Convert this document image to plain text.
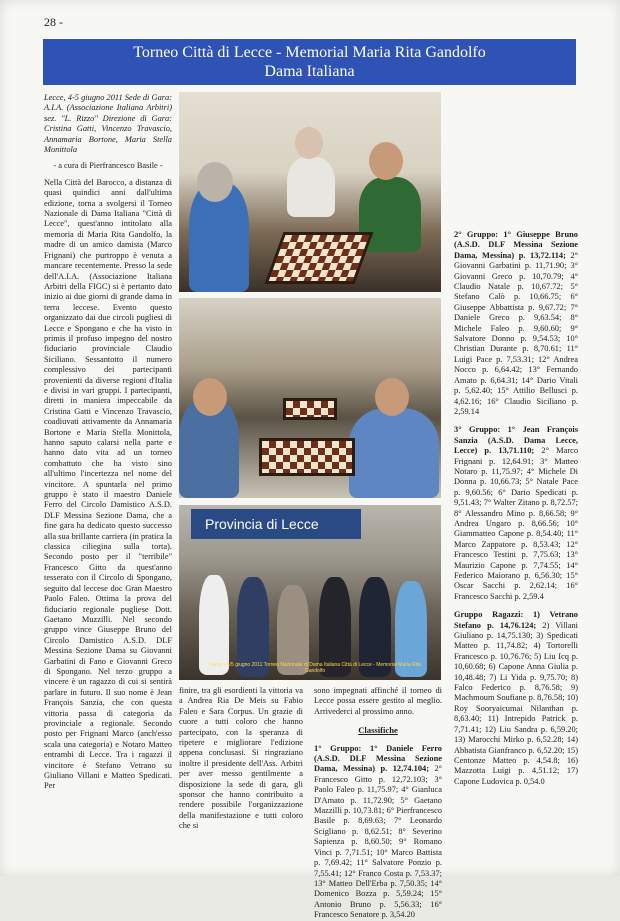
28 -
Torneo Città di Lecce - Memorial Maria Rita Gandolfo
Dama Italiana

Lecce, 4-5 giugno 2011 Sede di Gara: A.I.A. (Associazione Italiana Arbitri) sez. "L. Rizzo" Direzione di Gara: Cristina Gatti, Vincenzo Travascio, Annamaria Bortone, Maria Stella Monittola

- a cura di Pierfrancesco Basile -

Nella Città del Barocco, a distanza di quasi quindici anni dall'ultima edizione, torna a svolgersi il Torneo Nazionale di Dama Italiana "Città di Lecce", quest'anno intitolato alla memoria di Maria Rita Gandolfo, la madre di un amico damista (Marco Frignani) che purtroppo è venuta a mancare recentemente. Presso la sede dell'A.I.A. (Associazione Italiana Arbitri della FIGC) si è pertanto dato inizio ai due giorni di grande dama in terra leccese. Evento questo organizzato dai due circoli pugliesi di Lecce e Spongano e che ha visto in primis il profuso impegno del nostro fiduciario provinciale Claudio Siciliano. Sessantotto il numero complessivo dei partecipanti provenienti da diverse regioni d'Italia e divisi in vari gruppi. I partecipanti, diretti in maniera impeccabile da Cristina Gatti e Vincenzo Travascio, coadiuvati attivamente da Annamaria Bortone e Maria Stella Monittola, hanno saputo calarsi nella parte e hanno dato vita ad un torneo combattuto che ha visto sino all'ultimo l'incertezza nel nome del vincitore. A spuntarla nel primo gruppo è stato il maestro Daniele Ferro del Circolo Damistico A.S.D. DLF Messina Sezione Dama, che a fine gara ha dedicato questo successo alla sua brillante carriera (in pratica la classica ciliegina sulla torta). Secondo posto per il "terribile" Francesco Gitto da quest'anno tesserato con il Circolo di Spongano, seguito dal leccese doc Gran Maestro Paolo Faleo. Ottima la prova del fiduciario regionale pugliese Dott. Gaetano Muzzilli. Nel secondo gruppo vince Giuseppe Bruno del Circolo Damistico A.S.D. DLF Messina Sezione Dama su Giovanni Garbatini di Fano e Giovanni Greco di Spongano. Nel terzo gruppo a vincere è un ragazzo di cui si sentirà parlare in futuro. Il suo nome è Jean François Sanzia, che con questa vittoria passa di categoria da provinciale a regionale. Secondo posto per Frignani Marco (anch'esso scala una categoria) e Notaro Matteo entrambi di Lecce. Tra i ragazzi il vincitore è Stefano Vetrano su Giuliano Villani e Matteo Spedicati. Per

Provincia di Lecce
Lecce - 4/5 giugno 2011 Torneo Nazionale di Dama Italiana Città di Lecce - Memorial Maria Rita Gandolfo

finire, tra gli esordienti la vittoria va a Andrea Ria De Meis su Fabio Faleo e Sara Corpus. Un grazie di cuore a tutti coloro che hanno partecipato, con la speranza di ripetere e migliorare l'edizione appena conclusasi. Si ringraziano inoltre il presidente dell'Ass. Arbitri per aver messo gentilmente a disposizione la sede di gara, gli sponsor che hanno contribuito a rendere possibile l'organizzazione della manifestazione e tutti coloro che si

sono impegnati affinché il torneo di Lecce possa essere gestito al meglio. Arrivederci al prossimo anno.

Classifiche

1° Gruppo: 1° Daniele Ferro (A.S.D. DLF Messina Sezione Dama, Messina) p. 12,74.104; 2° Francesco Gitto p. 12,72.103; 3° Paolo Faleo p. 11,75.97; 4° Gianluca D'Amato p. 11,72.90; 5° Gaetano Mazzilli p. 10,73.81; 6° Pierfrancesco Basile p. 8,69.63; 7° Leonardo Scigliano p. 8,62.51; 8° Severino Sapienza p. 8,60.50; 9° Romano Vinci p. 7,71.51; 10° Marco Battista p. 7,69.42; 11° Salvatore Ponzio p. 7,55.41; 12° Franco Costa p. 7,53.37; 13° Matteo Dell'Erba p. 7,50.35; 14° Domenico Bozza p. 5,59.24; 15° Antonio Bruno p. 5,56.33; 16° Francesco Senatore p. 3,54.20

2° Gruppo: 1° Giuseppe Bruno (A.S.D. DLF Messina Sezione Dama, Messina) p. 13,72.114; 2° Giovanni Garbatini p. 11,71.90; 3° Giovanni Greco p. 10,70.79; 4° Claudio Natale p. 10,67.72; 5° Stefano Calò p. 10,66.75; 6° Giuseppe Abbattista p. 9,67.72; 7° Daniele Greco p. 9,63.54; 8° Michele Faleo p. 9,60.60; 9° Salvatore Donno p. 9,54.53; 10° Christian Durante p. 8,70.61; 11° Luigi Pace p. 7,53.31; 12° Andrea Nocco p. 6,64.42; 13° Fernando Amato p. 6,64.31; 14° Dario Vitali p. 5,62.40; 15° Attilio Bellusci p. 4,62.16; 16° Claudio Siciliano p. 2,59.14

3° Gruppo: 1° Jean François Sanzia (A.S.D. Dama Lecce, Lecce) p. 13,71.110; 2° Marco Frignani p. 12,64.91; 3° Matteo Notaro p. 11,75.97; 4° Michele Di Donna p. 10,66.73; 5° Natale Pace p. 9,60.56; 6° Dario Spedicati p. 9,51.43; 7° Walter Zitano p. 8,72.57; 8° Alessandro Mino p. 8,66.58; 9° Andrea Ungaro p. 8,66.56; 10° Giammatteo Capone p. 8,54.40; 11° Marco Zappatore p. 8,53.43; 12° Francesco Testini p. 7,75.63; 13° Maurizio Capone p. 7,74.55; 14° Federico Maiorano p. 6,56.30; 15° Oscar Sacchi p. 2,62.14; 16° Francesco Sacchi p. 2,59.4

Gruppo Ragazzi: 1) Vetrano Stefano p. 14,76.124; 2) Villani Giuliano p. 14,75.130; 3) Spedicati Matteo p. 11,74.82; 4) Tortorelli Francesco p. 10,76.76; 5) Liu Icq p. 10,60.68; 6) Capone Anna Giulia p. 10,48.48; 7) Li Yida p. 9,75.70; 8) Falco Federico p. 8,76.58; 9) Machmoum Soufiane p. 8,76.58; 10) Roy Sooryaicumai Nilanthan p. 8,63.40; 11) Intrepido Patrick p. 7,71.41; 12) Liu Sandra p. 6,59.20; 13) Marocchi Mirko p. 6,52.28; 14) Abbatista Gianfranco p. 6,52.20; 15) Centonze Matteo p. 4,54.8; 16) Mazzotta Luigi p. 4,51.12; 17) Capone Ludovica p. 0,54.0
